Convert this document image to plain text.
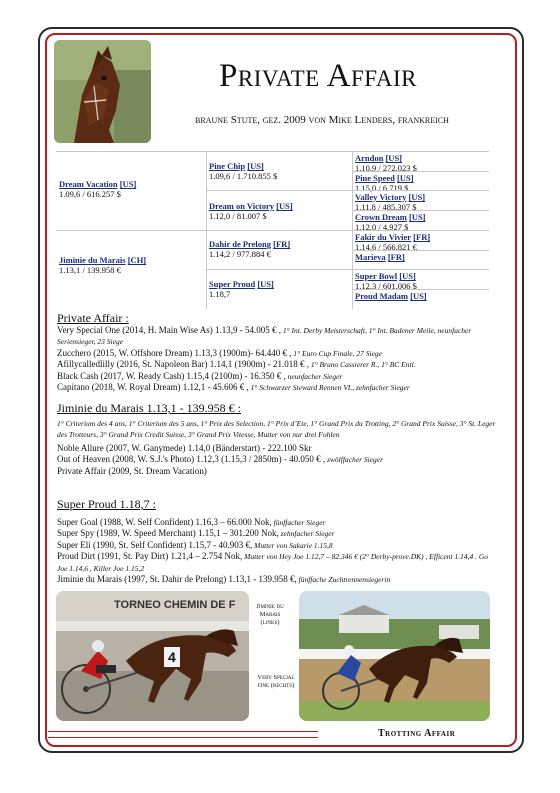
Private Affair
braune Stute, gez. 2009 von Mike Lenders, frankreich
Dream Vacation [US]
1.09,6 / 616.257 $
Jiminie du Marais [CH]
1.13,1 / 139.958 €
Pine Chip [US]
1.09,6 / 1.710.855 $
Dream on Victory [US]
1.12,0 / 81.007 $
Dahir de Prelong [FR]
1.14,2 / 977.884 €
Super Proud [US]
1.18,7
Arndon [US]
1.10,9 / 272.023 $
Pine Speed [US]
1.15,0 / 6.719 $
Valley Victory [US]
1.11,8 / 485.307 $
Crown Dream [US]
1.12,0 / 4.927 $
Fakir du Vivier [FR]
1.14,6 / 566.821 €
Marieva [FR]
Super Bowl [US]
1.12,3 / 601.006 $
Proud Madam [US]
Private Affair :

Very Special One (2014, H. Main Wise As) 1.13,9 - 54.005 € , 1° Int. Derby Meisterschaft, 1° Int. Badener Meile, neunfacher Seriensieger, 23 Siege

Zucchero (2015, W. Offshore Dream) 1.13,3 (1900m)- 64.440 € , 1° Euro Cup Finale, 27 Siege

Afillycalledlilly (2016, St. Napoleon Bar) 1.14,1 (1900m) - 21.018 € , 1° Bruno Cassierer R., 1° BC Entl.

Black Cash (2017, W. Ready Cash) 1.15,4 (2100m) - 16.350 € , neunfacher Sieger

Capitano (2018, W. Royal Dream) 1.12,1 - 45.606 € , 1° Schwarzer Steward Rennen VL, zehnfacher Sieger

Jiminie du Marais 1.13,1 - 139.958 € :

1° Criterium des 4 ans, 1° Criterium des 5 ans, 1° Prix des Selection, 1° Prix d’Ete, 1° Grand Prix du Trotting, 2° Grand Prix Suisse, 3° St. Leger des Trotteurs, 3° Grand Prix Credit Suisse, 3° Grand Prix Vitesse, Mutter von nur drei Fohlen

Noble Allure (2007, W. Ganymede) 1.14,0 (Bänderstart) - 222.100 Skr

Out of Heaven (2008, W. S.J.'s Photo) 1.12,3 (1.15,3 / 2850m) - 40.050 € , zwölffacher Sieger

Private Affair (2009, St. Dream Vacation)

Super Proud 1.18,7 :

Super Goal (1988, W. Self Confident) 1.16,3 – 66.000 Nok, fünffacher Sieger

Super Spy (1989, W. Speed Merchant) 1.15,1 – 301.200 Nok, zehnfacher Sieger

Super Eli (1990, St. Self Confident) 1.15,7 - 40.903 €, Mutter von Sakarie 1.15,8

Proud Dirt (1991, St. Pay Dirt) 1.21,4 – 2.754 Nok, Mutter von Hey Joe 1.12,7 – 82.346 € (2° Derby-prove.DK) , Efficent 1.14,4 . Go Joe 1.14,6 , Killer Joe 1.15,2

Jiminie du Marais (1997, St. Dahir de Prelong) 1.13,1 - 139.958 €, fünffache Zuchtrennensiegerin

TORNEO CHEMIN DE F
4
Jiminie du Marais (links)
Very Special One (rechts)
Trotting Affair
